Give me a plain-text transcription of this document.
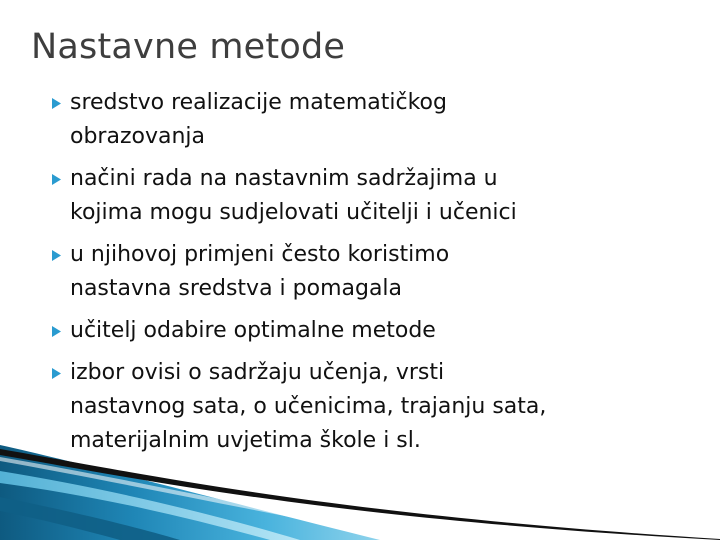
Nastavne metode
sredstvo realizacije matematičkog
obrazovanja
načini rada na nastavnim sadržajima u
kojima mogu sudjelovati učitelji i učenici
u njihovoj primjeni često koristimo
nastavna sredstva i pomagala
učitelj odabire optimalne metode
izbor ovisi o sadržaju učenja, vrsti
nastavnog sata, o učenicima, trajanju sata,
materijalnim uvjetima škole i sl.
